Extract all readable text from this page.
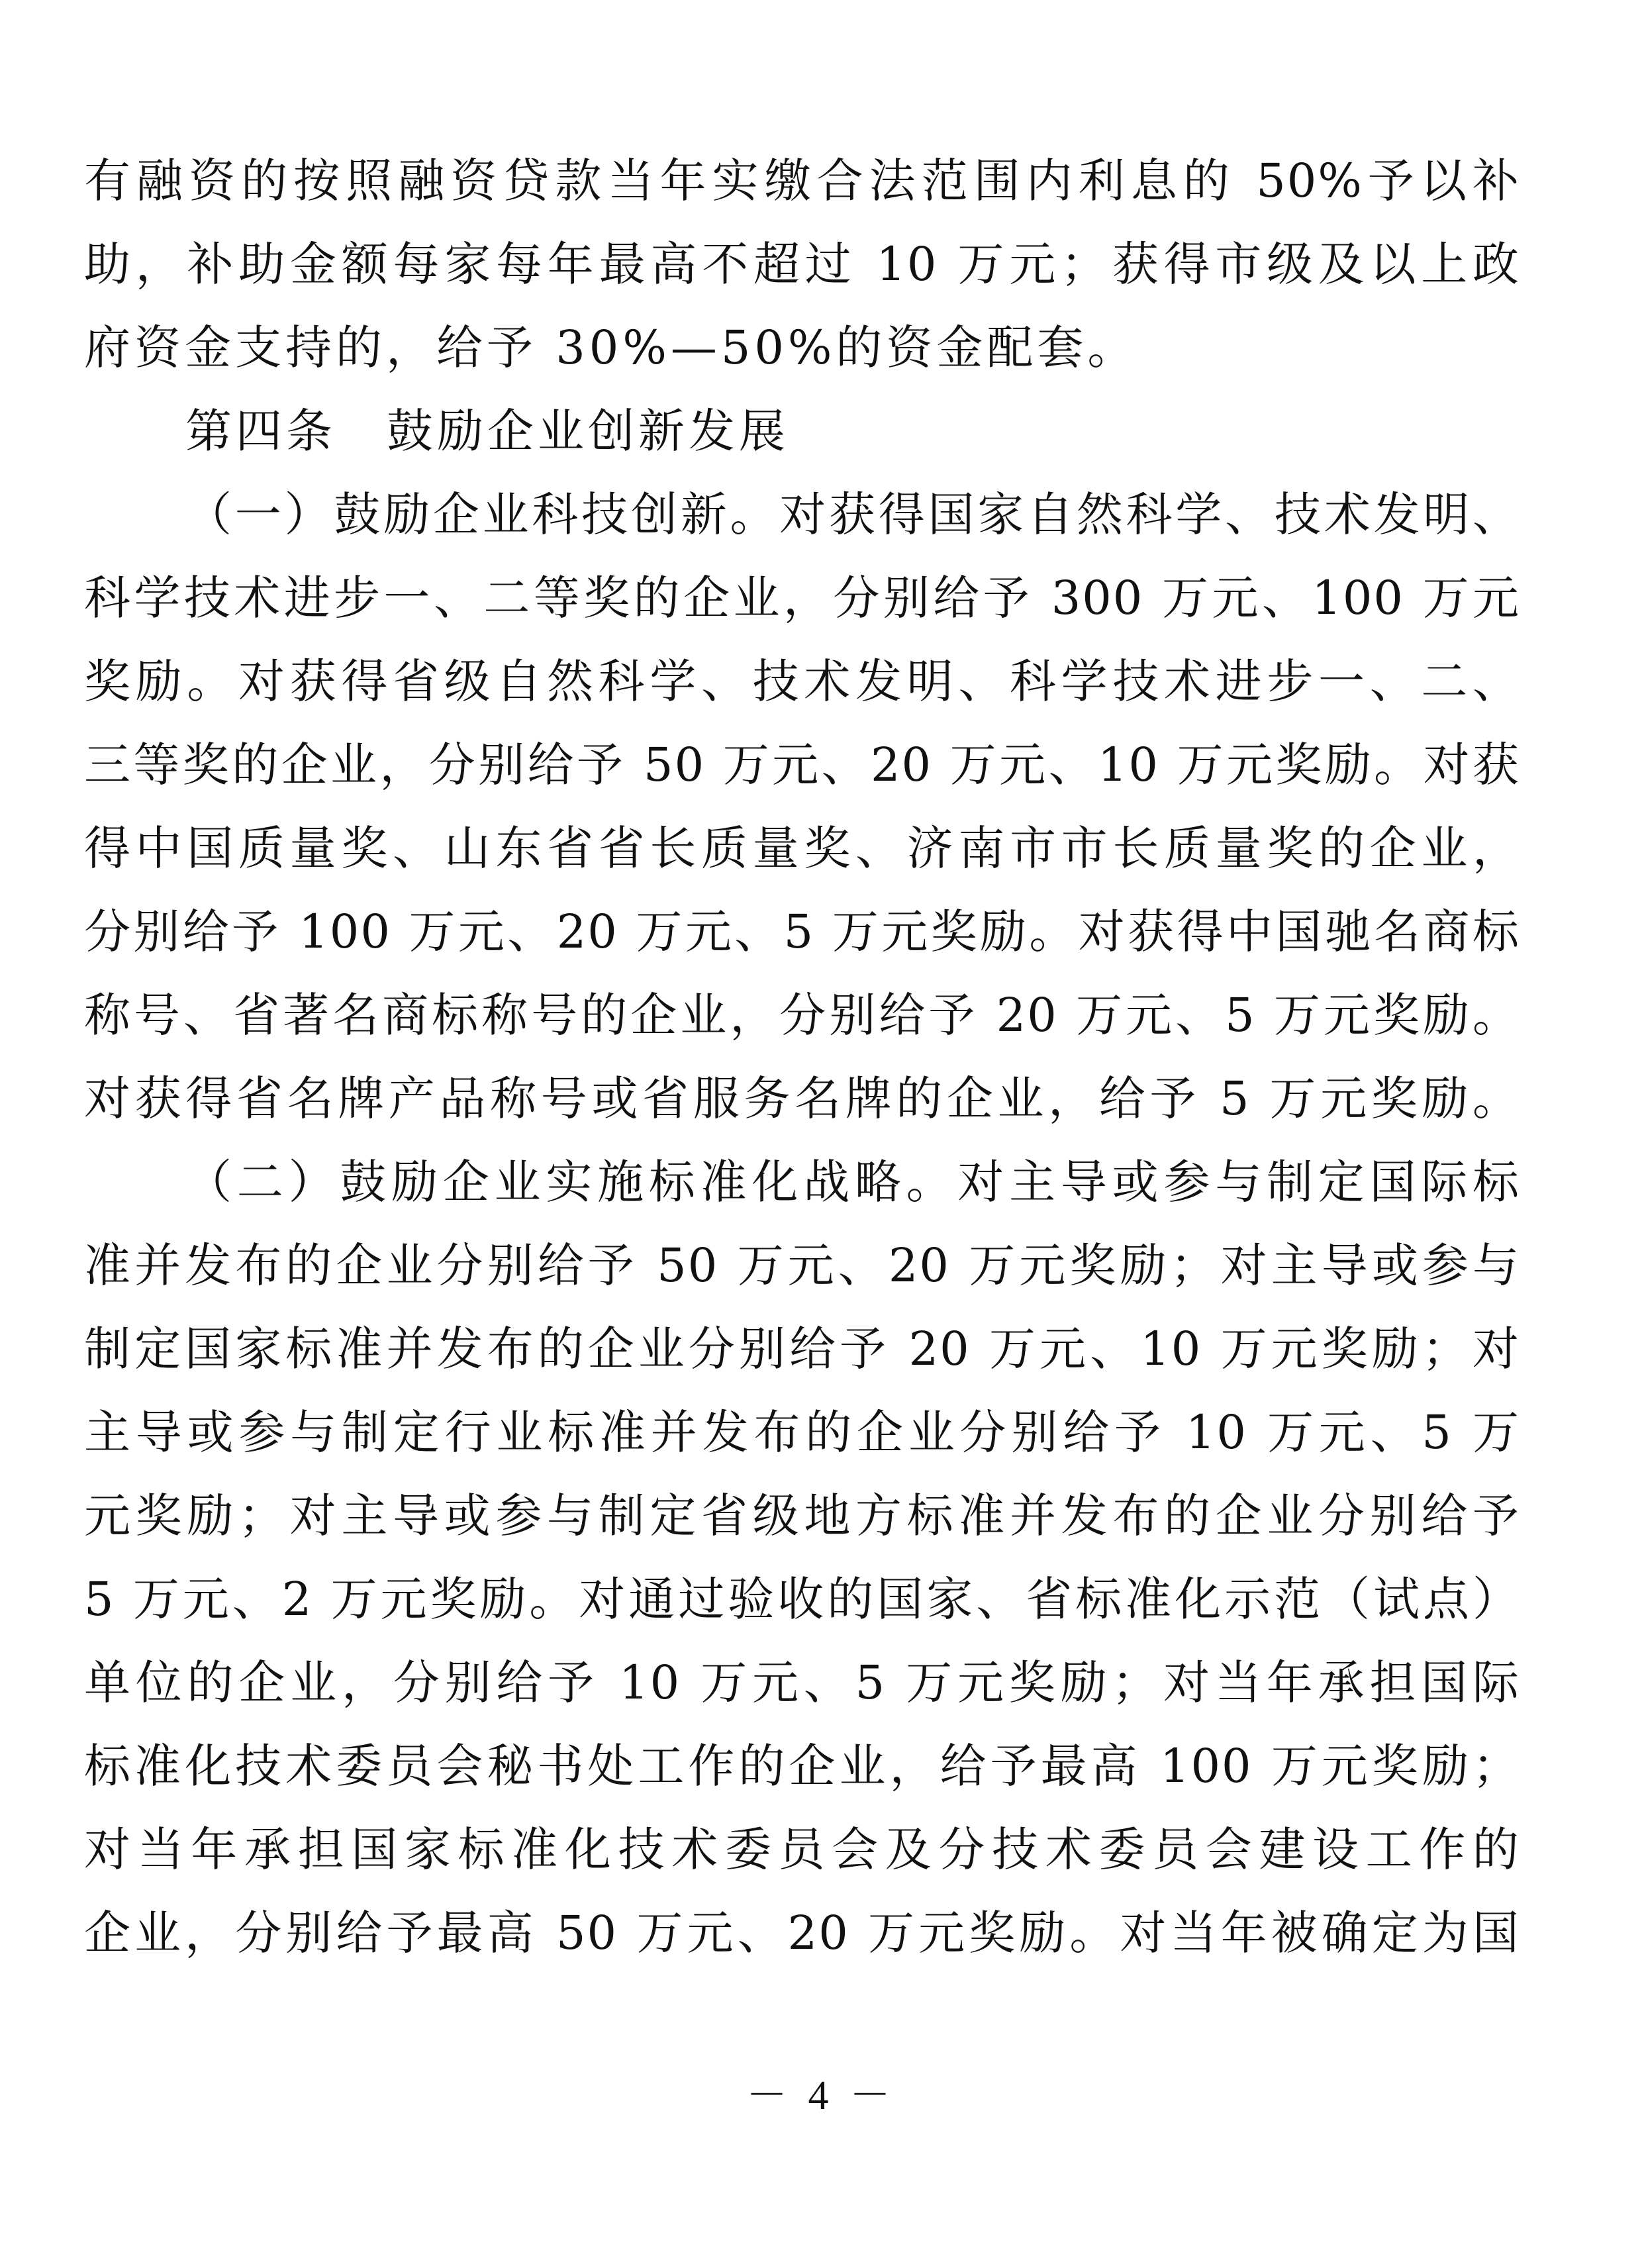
有融资的按照融资贷款当年实缴合法范围内利息的 50%予以补
助，补助金额每家每年最高不超过 10 万元；获得市级及以上政
府资金支持的，给予 30%—50%的资金配套。
第四条　鼓励企业创新发展
（一）鼓励企业科技创新。对获得国家自然科学、技术发明、
科学技术进步一、二等奖的企业，分别给予 300 万元、100 万元
奖励。对获得省级自然科学、技术发明、科学技术进步一、二、
三等奖的企业，分别给予 50 万元、20 万元、10 万元奖励。对获
得中国质量奖、山东省省长质量奖、济南市市长质量奖的企业，
分别给予 100 万元、20 万元、5 万元奖励。对获得中国驰名商标
称号、省著名商标称号的企业，分别给予 20 万元、5 万元奖励。
对获得省名牌产品称号或省服务名牌的企业，给予 5 万元奖励。
（二）鼓励企业实施标准化战略。对主导或参与制定国际标
准并发布的企业分别给予 50 万元、20 万元奖励；对主导或参与
制定国家标准并发布的企业分别给予 20 万元、10 万元奖励；对
主导或参与制定行业标准并发布的企业分别给予 10 万元、5 万
元奖励；对主导或参与制定省级地方标准并发布的企业分别给予
5 万元、2 万元奖励。对通过验收的国家、省标准化示范（试点）
单位的企业，分别给予 10 万元、5 万元奖励；对当年承担国际
标准化技术委员会秘书处工作的企业，给予最高 100 万元奖励；
对当年承担国家标准化技术委员会及分技术委员会建设工作的
企业，分别给予最高 50 万元、20 万元奖励。对当年被确定为国
－ 4 －
